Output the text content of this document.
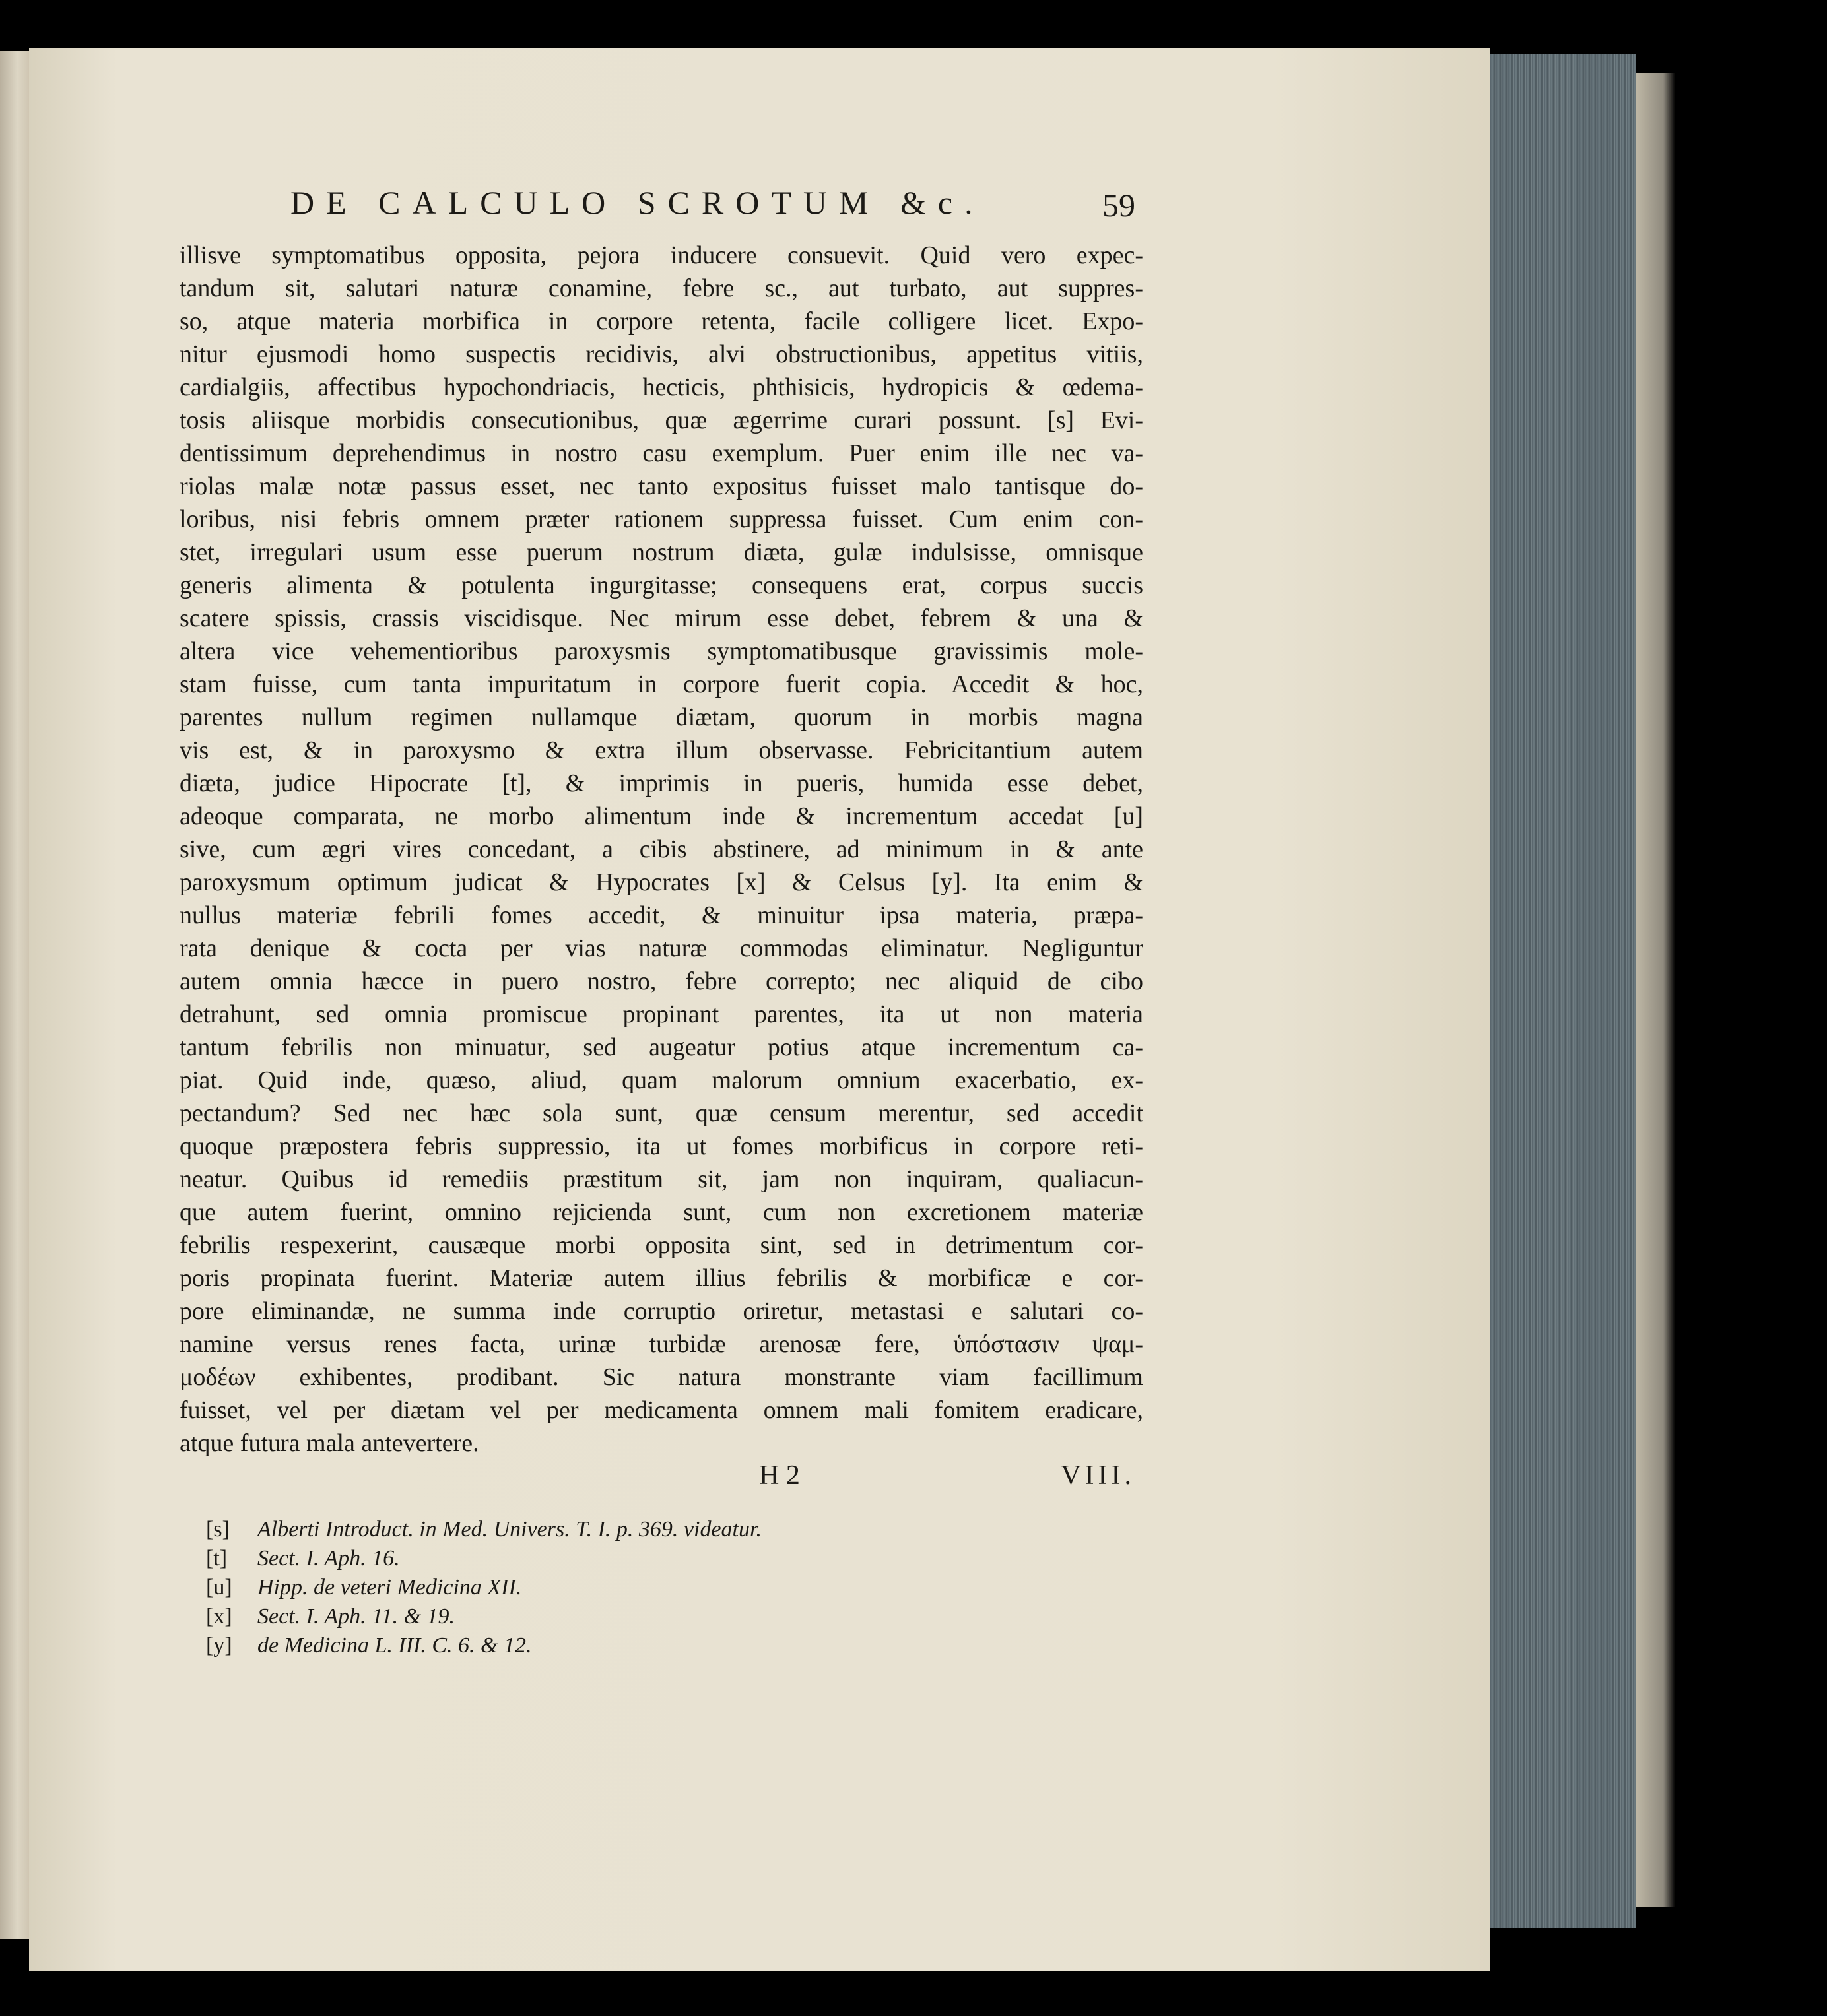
DE CALCULO SCROTUM &c.	59
illisve symptomatibus opposita, pejora inducere consuevit. Quid vero expec-
tandum sit, salutari naturæ conamine, febre sc., aut turbato, aut suppres-
so, atque materia morbifica in corpore retenta, facile colligere licet. Expo-
nitur ejusmodi homo suspectis recidivis, alvi obstructionibus, appetitus vitiis,
cardialgiis, affectibus hypochondriacis, hecticis, phthisicis, hydropicis & œdema-
tosis aliisque morbidis consecutionibus, quæ ægerrime curari possunt. [s] Evi-
dentissimum deprehendimus in nostro casu exemplum. Puer enim ille nec va-
riolas malæ notæ passus esset, nec tanto expositus fuisset malo tantisque do-
loribus, nisi febris omnem præter rationem suppressa fuisset. Cum enim con-
stet, irregulari usum esse puerum nostrum diæta, gulæ indulsisse, omnisque
generis alimenta & potulenta ingurgitasse; consequens erat, corpus succis
scatere spissis, crassis viscidisque. Nec mirum esse debet, febrem & una &
altera vice vehementioribus paroxysmis symptomatibusque gravissimis mole-
stam fuisse, cum tanta impuritatum in corpore fuerit copia. Accedit & hoc,
parentes nullum regimen nullamque diætam, quorum in morbis magna
vis est, & in paroxysmo & extra illum observasse. Febricitantium autem
diæta, judice Hipocrate [t], & imprimis in pueris, humida esse debet,
adeoque comparata, ne morbo alimentum inde & incrementum accedat [u]
sive, cum ægri vires concedant, a cibis abstinere, ad minimum in & ante
paroxysmum optimum judicat & Hypocrates [x] & Celsus [y]. Ita enim &
nullus materiæ febrili fomes accedit, & minuitur ipsa materia, præpa-
rata denique & cocta per vias naturæ commodas eliminatur. Negliguntur
autem omnia hæcce in puero nostro, febre correpto; nec aliquid de cibo
detrahunt, sed omnia promiscue propinant parentes, ita ut non materia
tantum febrilis non minuatur, sed augeatur potius atque incrementum ca-
piat. Quid inde, quæso, aliud, quam malorum omnium exacerbatio, ex-
pectandum? Sed nec hæc sola sunt, quæ censum merentur, sed accedit
quoque præpostera febris suppressio, ita ut fomes morbificus in corpore reti-
neatur. Quibus id remediis præstitum sit, jam non inquiram, qualiacun-
que autem fuerint, omnino rejicienda sunt, cum non excretionem materiæ
febrilis respexerint, causæque morbi opposita sint, sed in detrimentum cor-
poris propinata fuerint. Materiæ autem illius febrilis & morbificæ e cor-
pore eliminandæ, ne summa inde corruptio oriretur, metastasi e salutari co-
namine versus renes facta, urinæ turbidæ arenosæ fere, ὑπόστασιν ψαμ-
μοδέων exhibentes, prodibant. Sic natura monstrante viam facillimum
fuisset, vel per diætam vel per medicamenta omnem mali fomitem eradicare,
atque futura mala antevertere.
H 2	VIII.
[s] Alberti Introduct. in Med. Univers. T. I. p. 369. videatur.
[t] Sect. I. Aph. 16.
[u] Hipp. de veteri Medicina XII.
[x] Sect. I. Aph. 11. & 19.
[y] de Medicina L. III. C. 6. & 12.
